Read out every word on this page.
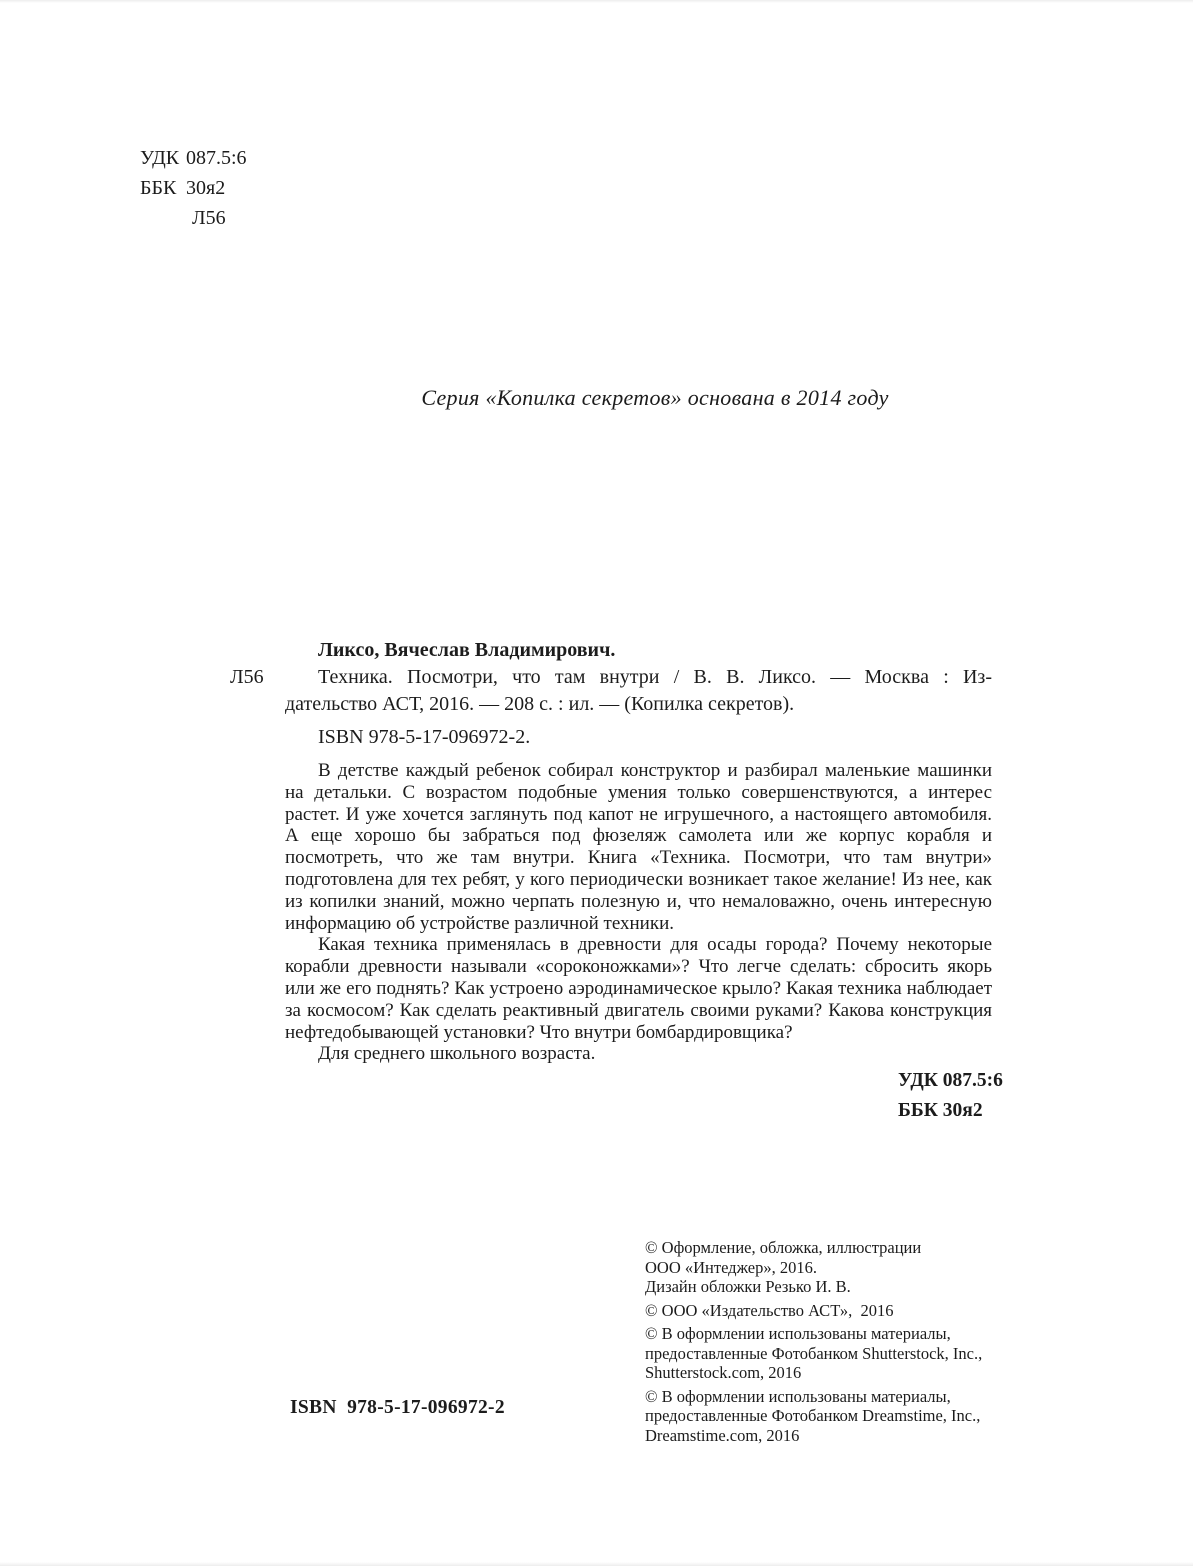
УДК 087.5:6
ББК 30я2
Л56
Серия «Копилка секретов» основана в 2014 году
Л56
Ликсо, Вячеслав Владимирович.
Техника. Посмотри, что там внутри / В. В. Ликсо. — Москва : Из-
дательство АСТ, 2016. — 208 с. : ил. — (Копилка секретов).
ISBN 978-5-17-096972-2.

В детстве каждый ребенок собирал конструктор и разбирал маленькие машинки на детальки. С возрастом подобные умения только совершенствуются, а интерес растет. И уже хочется заглянуть под капот не игрушечного, а настоящего автомобиля. А еще хорошо бы забраться под фюзеляж самолета или же корпус корабля и посмотреть, что же там внутри. Книга «Техника. Посмотри, что там внутри» подготовлена для тех ребят, у кого периодически возникает такое желание! Из нее, как из копилки знаний, можно черпать полезную и, что немаловажно, очень интересную информацию об устройстве различной техники.

Какая техника применялась в древности для осады города? Почему некоторые корабли древности называли «сороконожками»? Что легче сделать: сбросить якорь или же его поднять? Как устроено аэродинамическое крыло? Какая техника наблюдает за космосом? Как сделать реактивный двигатель своими руками? Какова конструкция нефтедобывающей установки? Что внутри бомбардировщика?

Для среднего школьного возраста.

УДК 087.5:6
ББК 30я2
© Оформление, обложка, иллюстрации
ООО «Интеджер», 2016.
Дизайн обложки Резько И. В.
© ООО «Издательство АСТ»,  2016
© В оформлении использованы материалы,
предоставленные Фотобанком Shutterstock, Inc.,
Shutterstock.com, 2016
© В оформлении использованы материалы,
предоставленные Фотобанком Dreamstime, Inc.,
Dreamstime.com, 2016
ISBN  978-5-17-096972-2
